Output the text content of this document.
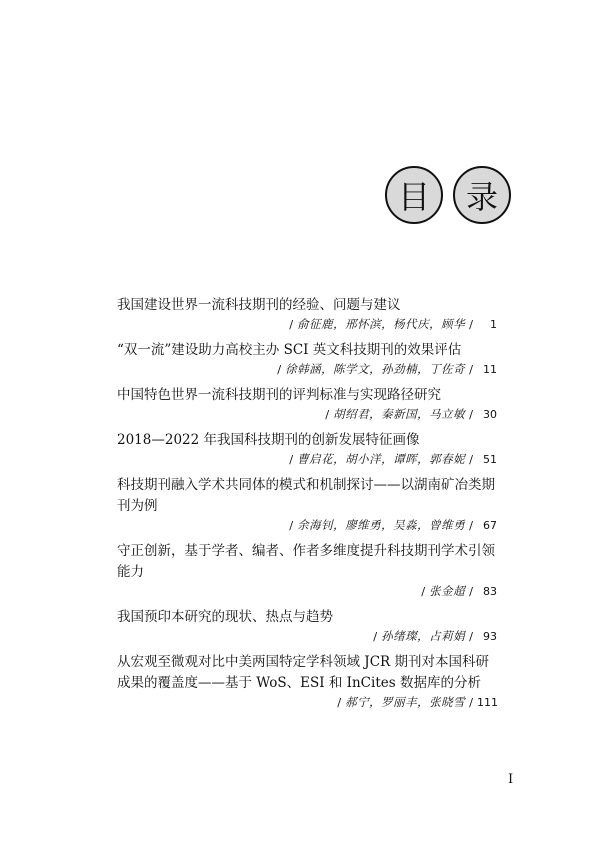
目	录
我国建设世界一流科技期刊的经验、问题与建议
/ 俞征鹿，邢怀滨，杨代庆，顾华 /	1
“双一流”建设助力高校主办 SCI 英文科技期刊的效果评估
/ 徐韩涵，陈学文，孙劲楠，丁佐奇 / 11
中国特色世界一流科技期刊的评判标准与实现路径研究
/ 胡绍君，秦新国，马立敏 / 30
2018—2022 年我国科技期刊的创新发展特征画像
/ 曹启花，胡小洋，谭晖，郭春妮 / 51
科技期刊融入学术共同体的模式和机制探讨——以湖南矿冶类期刊为例
/ 余海钊，廖维勇，吴淼，曾维勇 / 67
守正创新，基于学者、编者、作者多维度提升科技期刊学术引领能力
/ 张金超 / 83
我国预印本研究的现状、热点与趋势
/ 孙绪璨，占莉娟 / 93
从宏观至微观对比中美两国特定学科领域 JCR 期刊对本国科研成果的覆盖度——基于 WoS、ESI 和 InCites 数据库的分析
/ 郝宁，罗丽丰，张晓雪 / 111
I
